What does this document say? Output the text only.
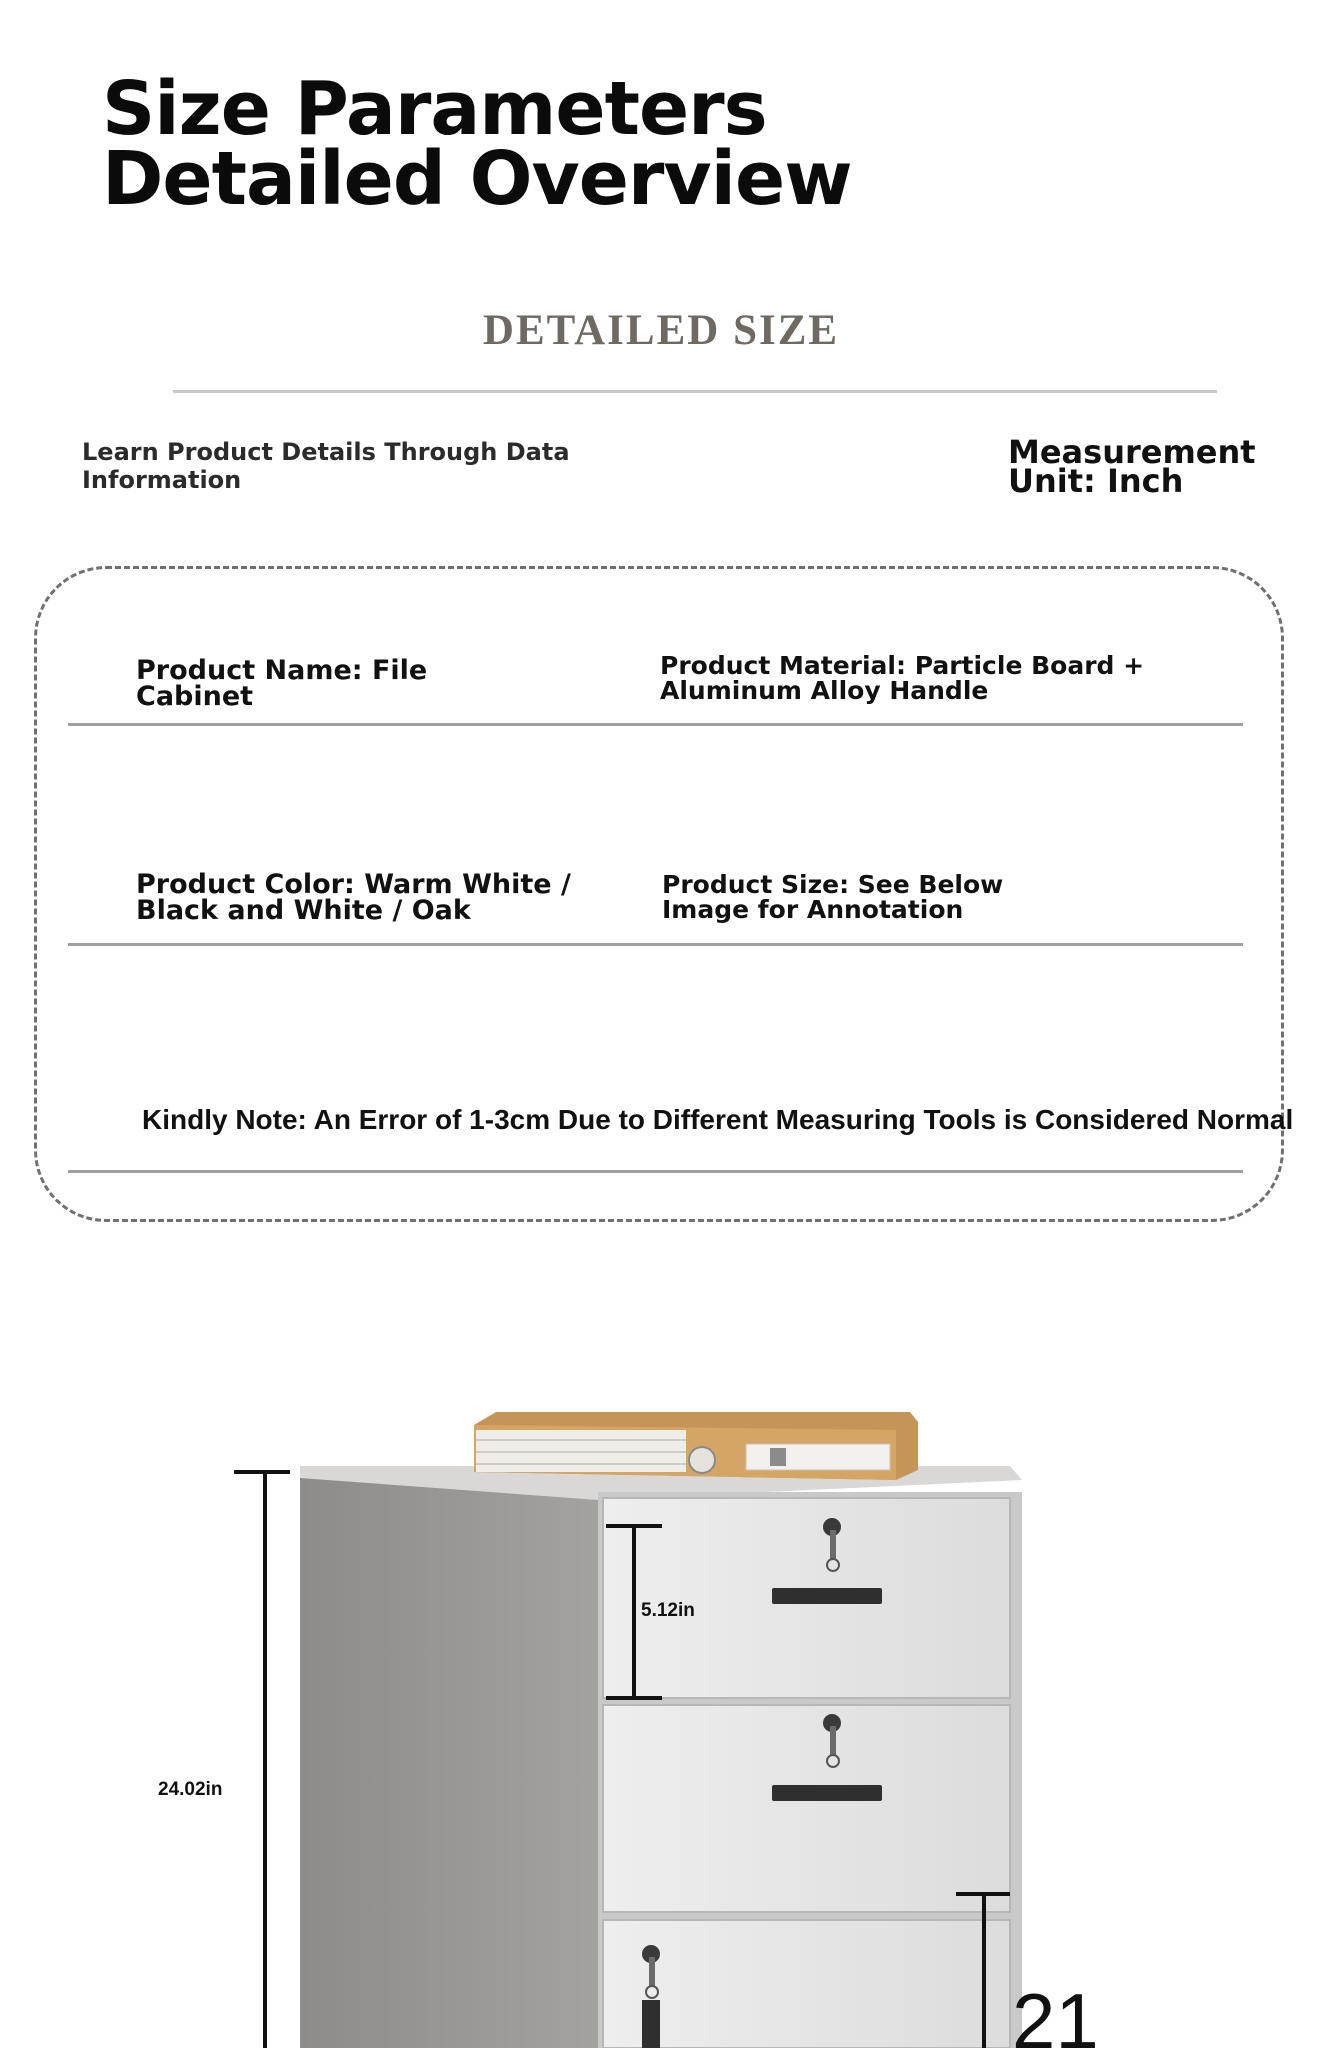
Size Parameters Detailed Overview
DETAILED SIZE
Learn Product Details Through Data Information
Measurement Unit: Inch
Product Name: File Cabinet
Product Material: Particle Board + Aluminum Alloy Handle
Product Color: Warm White / Black and White / Oak
Product Size: See Below Image for Annotation
Kindly Note: An Error of 1-3cm Due to Different Measuring Tools is Considered Normal
24.02in
5.12in
21
